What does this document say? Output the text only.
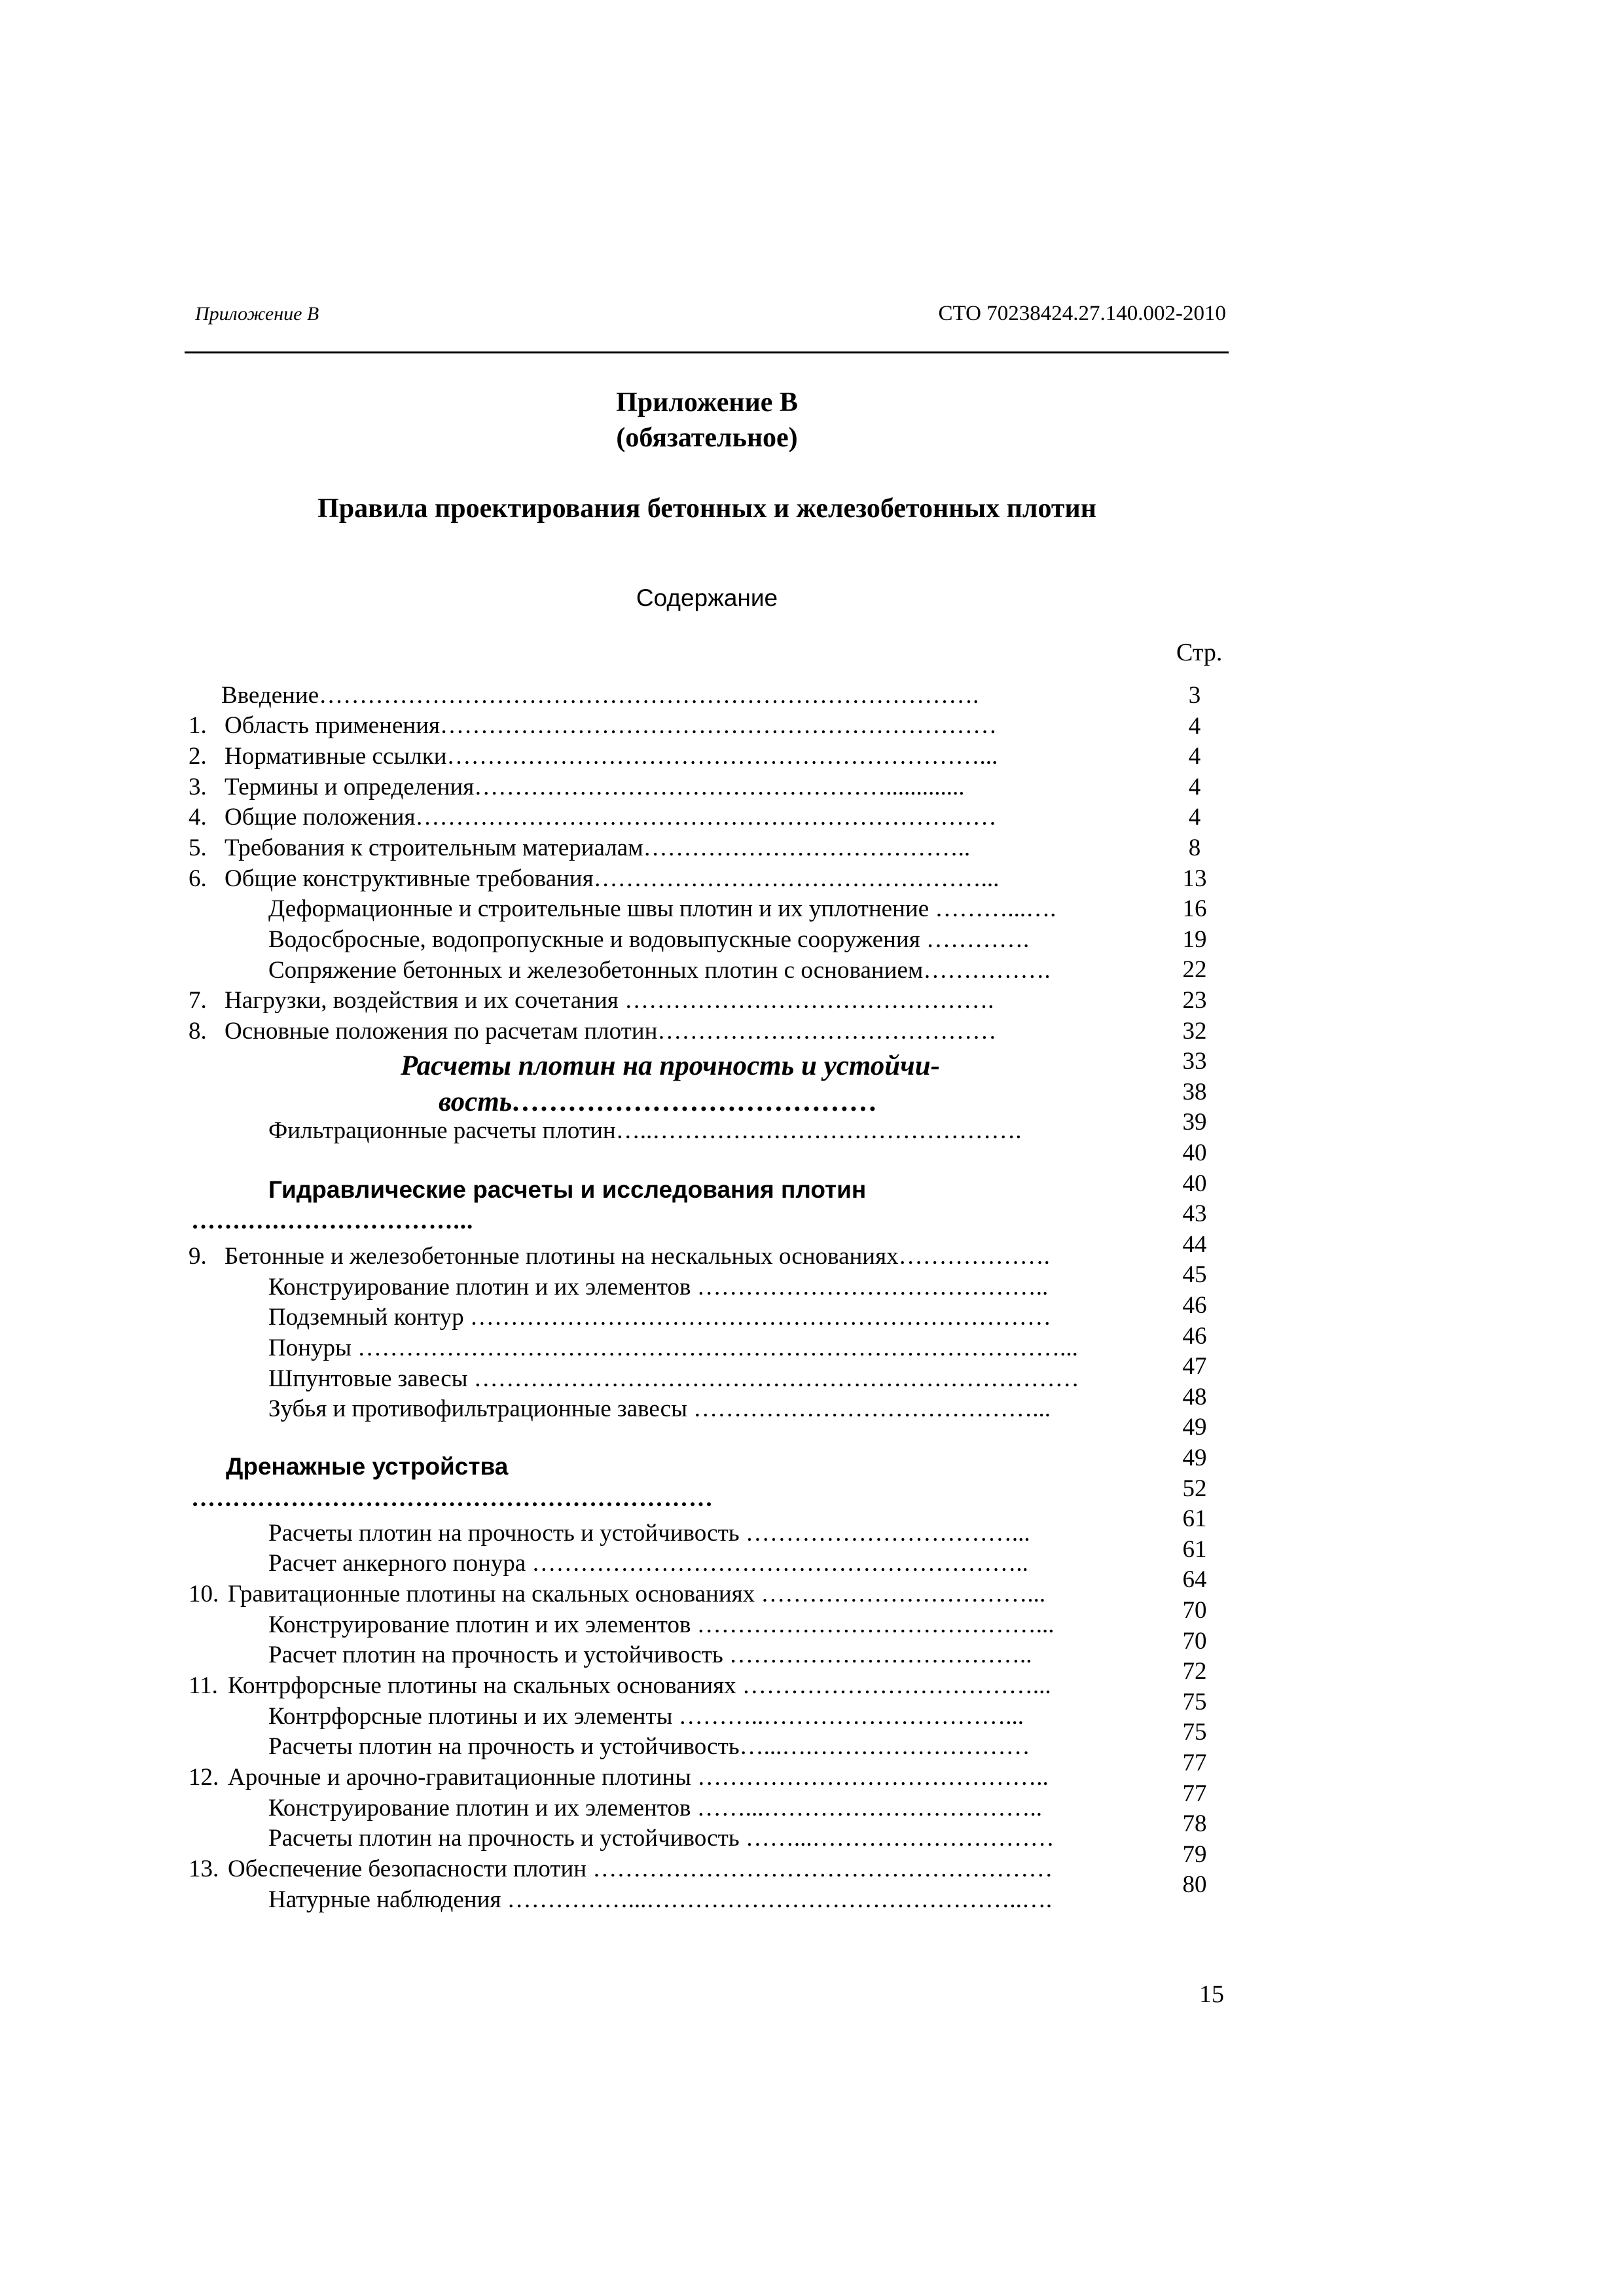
Приложение В	СТО 70238424.27.140.002-2010
Приложение В
(обязательное)
Правила проектирования бетонных и железобетонных плотин
Содержание
Стр.
Введение……………………………………………………………………….
1. Область применения……………………………………………………………
2. Нормативные ссылки…………………………………………………………...
3. Термины и определения…………………………………………….............
4. Общие положения………………………………………………………………
5. Требования к строительным материалам…………………………………..
6. Общие конструктивные требования…………………………………………...
Деформационные и строительные швы плотин и их уплотнение ………...….
Водосбросные, водопропускные и водовыпускные сооружения ………….
Сопряжение бетонных и железобетонных плотин с основанием…………….
7. Нагрузки, воздействия и их сочетания ……………………………………….
8. Основные положения по расчетам плотин……………………………………
Фильтрационные расчеты плотин…..……………………………………….
9. Бетонные и железобетонные плотины на нескальных основаниях……………….
Конструирование плотин и их элементов ……………………………………..
Подземный контур ………………………………………………………………
Понуры ……………………………………………………………………………...
Шпунтовые завесы …………………………………………………………………
Зубья и противофильтрационные завесы ……………………………………...
Расчеты плотин на прочность и устойчивость ……………………………...
Расчет анкерного понура ……………………………………………………..
10. Гравитационные плотины на скальных основаниях ……………………………...
Конструирование плотин и их элементов ……………………………………...
Расчет плотин на прочность и устойчивость ………………………………..
11. Контрфорсные плотины на скальных основаниях ………………………………...
Контрфорсные плотины и их элементы ………..…………………………...
Расчеты плотин на прочность и устойчивость…...….………………………
12. Арочные и арочно-гравитационные плотины ……………………………………..
Конструирование плотин и их элементов ……...……………………………..
Расчеты плотин на прочность и устойчивость ……...…………………………
13. Обеспечение безопасности плотин …………………………………………………
Натурные наблюдения ……………...………………………………………..….
Расчеты плотин на прочность и устойчи-
вость…………………………………
Гидравлические расчеты и исследования плотин
…….….…………………...
Дренажные устройства
………………………………………………………
3
4
4
4
4
8
13
16
19
22
23
32
33
38
39
40
40
43
44
45
46
46
47
48
49
49
52
61
61
64
70
70
72
75
75
77
77
78
79
80
15
